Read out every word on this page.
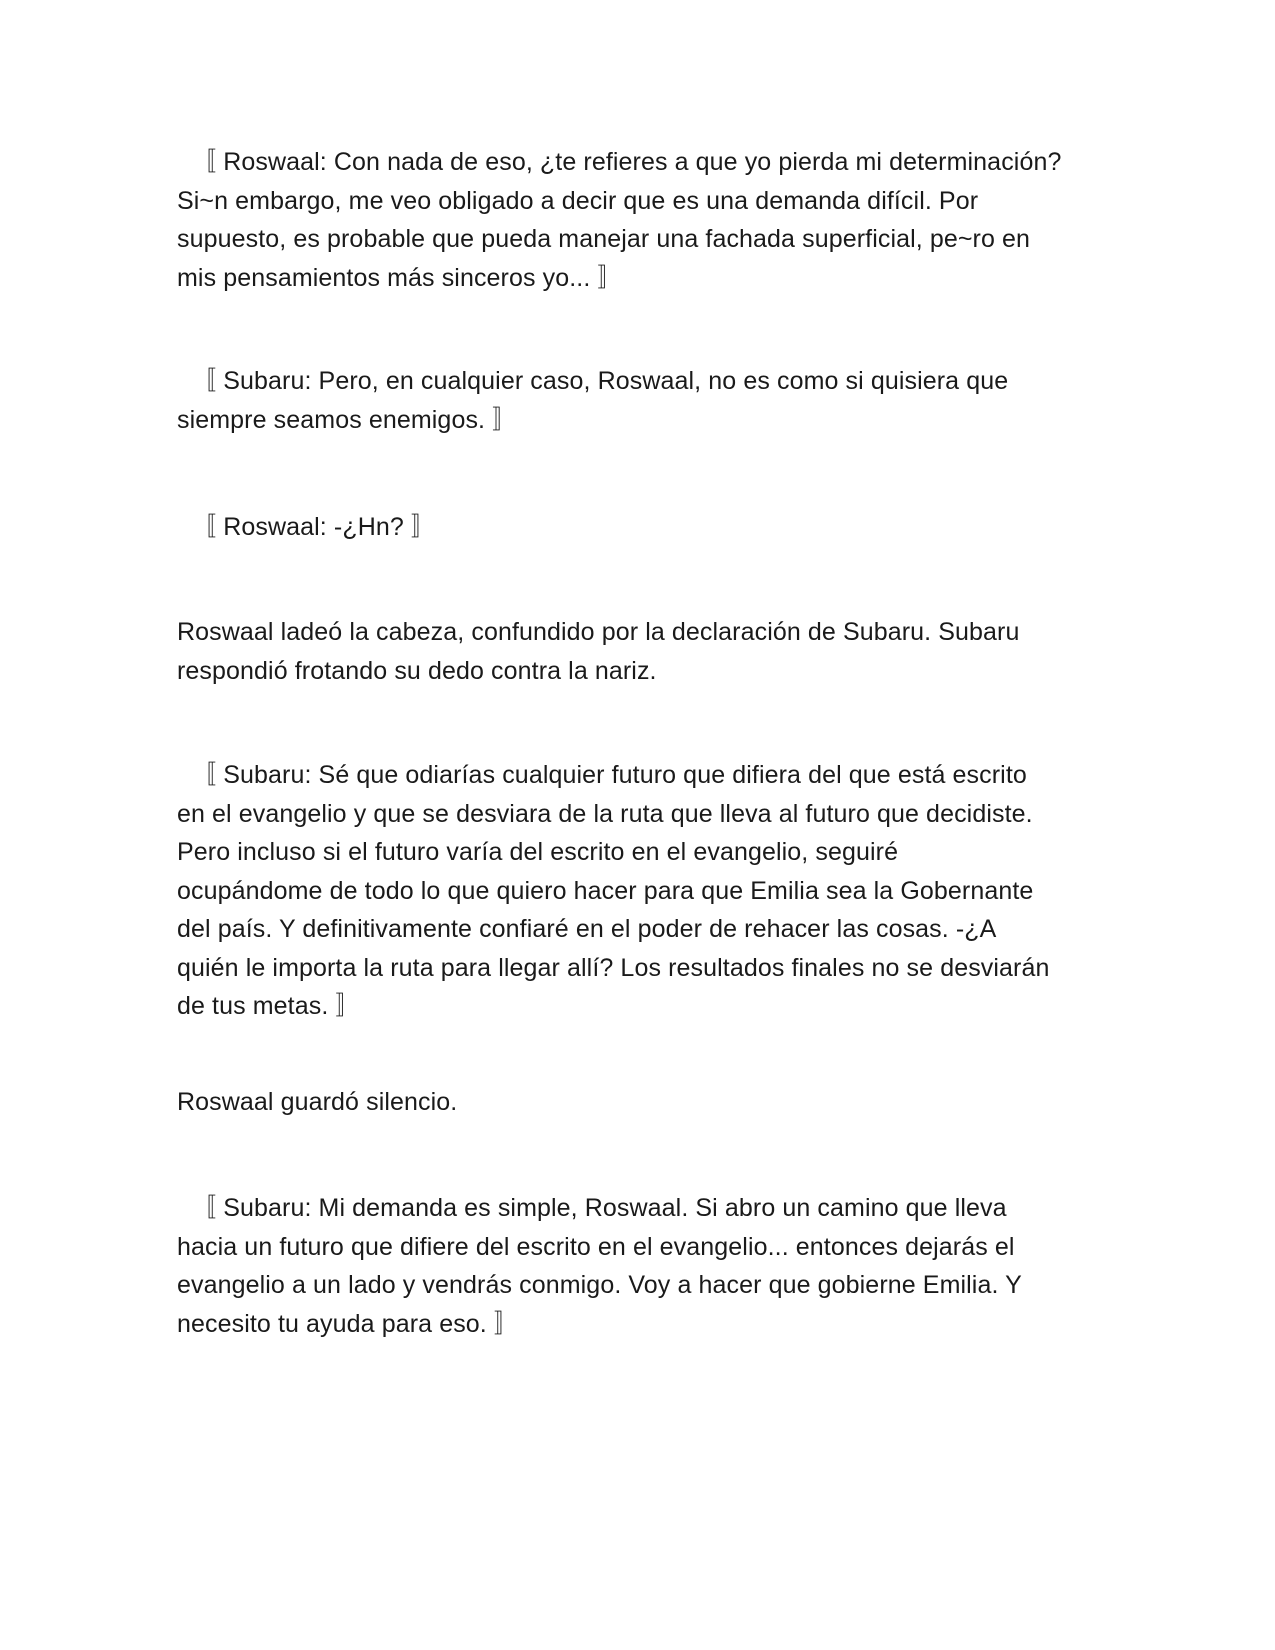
〚 Roswaal: Con nada de eso, ¿te refieres a que yo pierda mi determinación?
Si~n embargo, me veo obligado a decir que es una demanda difícil. Por
supuesto, es probable que pueda manejar una fachada superficial, pe~ro en
mis pensamientos más sinceros yo... 〛

〚 Subaru: Pero, en cualquier caso, Roswaal, no es como si quisiera que
siempre seamos enemigos. 〛

〚 Roswaal: -¿Hn? 〛

Roswaal ladeó la cabeza, confundido por la declaración de Subaru. Subaru
respondió frotando su dedo contra la nariz.

〚 Subaru: Sé que odiarías cualquier futuro que difiera del que está escrito
en el evangelio y que se desviara de la ruta que lleva al futuro que decidiste.
Pero incluso si el futuro varía del escrito en el evangelio, seguiré
ocupándome de todo lo que quiero hacer para que Emilia sea la Gobernante
del país. Y definitivamente confiaré en el poder de rehacer las cosas. -¿A
quién le importa la ruta para llegar allí? Los resultados finales no se desviarán
de tus metas. 〛

Roswaal guardó silencio.

〚 Subaru: Mi demanda es simple, Roswaal. Si abro un camino que lleva
hacia un futuro que difiere del escrito en el evangelio... entonces dejarás el
evangelio a un lado y vendrás conmigo. Voy a hacer que gobierne Emilia. Y
necesito tu ayuda para eso. 〛
